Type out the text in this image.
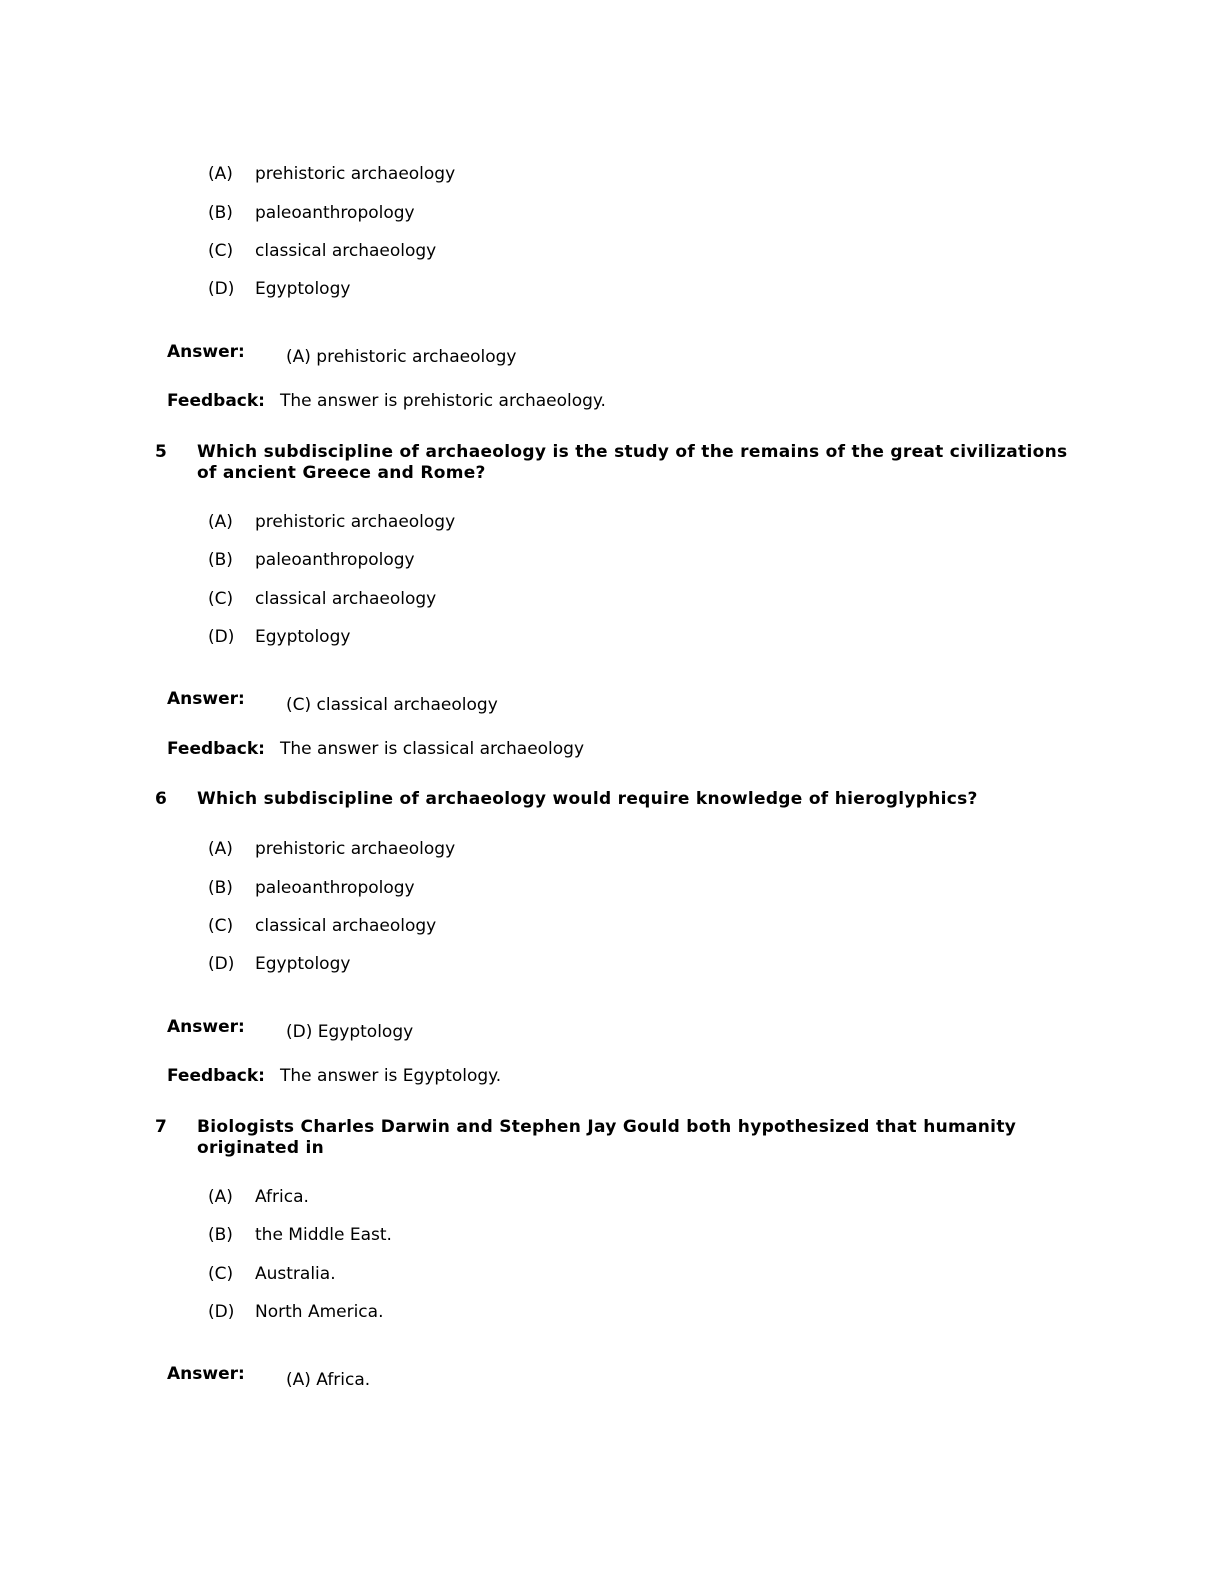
(A) prehistoric archaeology
(B) paleoanthropology
(C) classical archaeology
(D) Egyptology
Answer: (A) prehistoric archaeology
Feedback: The answer is prehistoric archaeology.
5 Which subdiscipline of archaeology is the study of the remains of the great civilizations of ancient Greece and Rome?
(A) prehistoric archaeology
(B) paleoanthropology
(C) classical archaeology
(D) Egyptology
Answer: (C) classical archaeology
Feedback: The answer is classical archaeology
6 Which subdiscipline of archaeology would require knowledge of hieroglyphics?
(A) prehistoric archaeology
(B) paleoanthropology
(C) classical archaeology
(D) Egyptology
Answer: (D) Egyptology
Feedback: The answer is Egyptology.
7 Biologists Charles Darwin and Stephen Jay Gould both hypothesized that humanity originated in
(A) Africa.
(B) the Middle East.
(C) Australia.
(D) North America.
Answer: (A) Africa.
